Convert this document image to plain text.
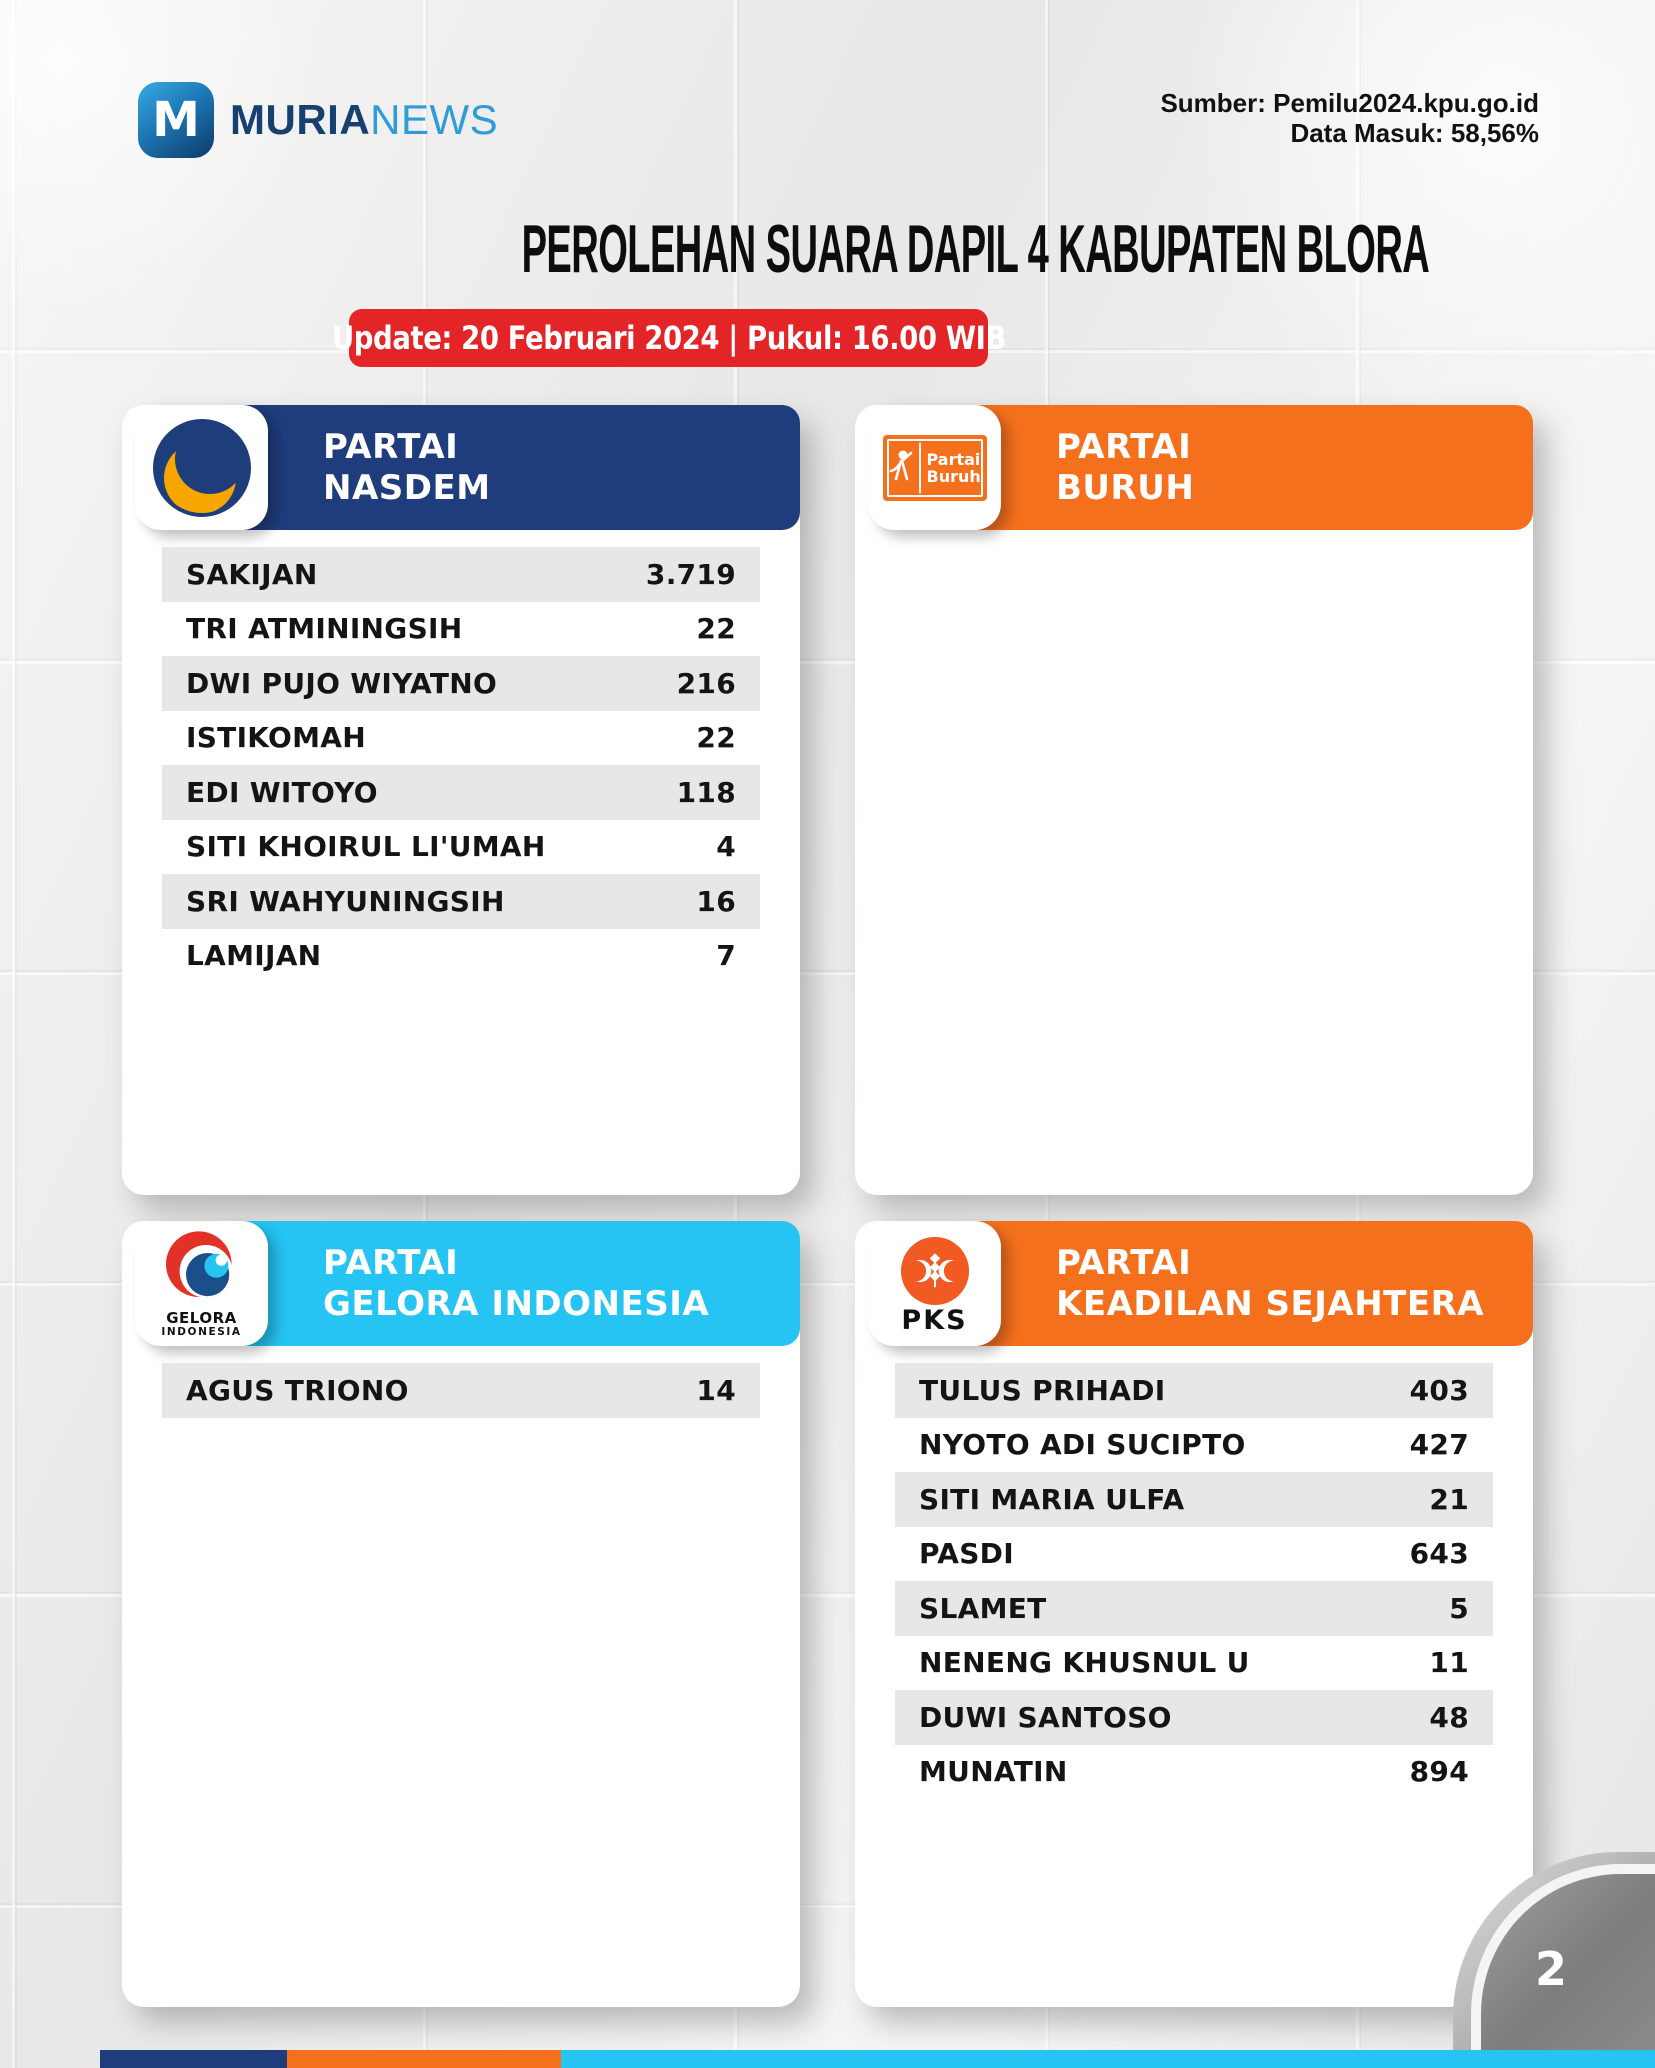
M MURIANEWS	Sumber: Pemilu2024.kpu.go.id
Data Masuk: 58,56%
PEROLEHAN SUARA DAPIL 4 KABUPATEN BLORA
Update: 20 Februari 2024 | Pukul: 16.00 WIB
PARTAI
NASDEM
SAKIJAN	3.719
TRI ATMININGSIH	22
DWI PUJO WIYATNO	216
ISTIKOMAH	22
EDI WITOYO	118
SITI KHOIRUL LI'UMAH	4
SRI WAHYUNINGSIH	16
LAMIJAN	7
PARTAI
BURUH
Partai
Buruh
PARTAI
GELORA INDONESIA
GELORA
INDONESIA
AGUS TRIONO	14
PARTAI
KEADILAN SEJAHTERA
PKS
TULUS PRIHADI	403
NYOTO ADI SUCIPTO	427
SITI MARIA ULFA	21
PASDI	643
SLAMET	5
NENENG KHUSNUL U	11
DUWI SANTOSO	48
MUNATIN	894
2
